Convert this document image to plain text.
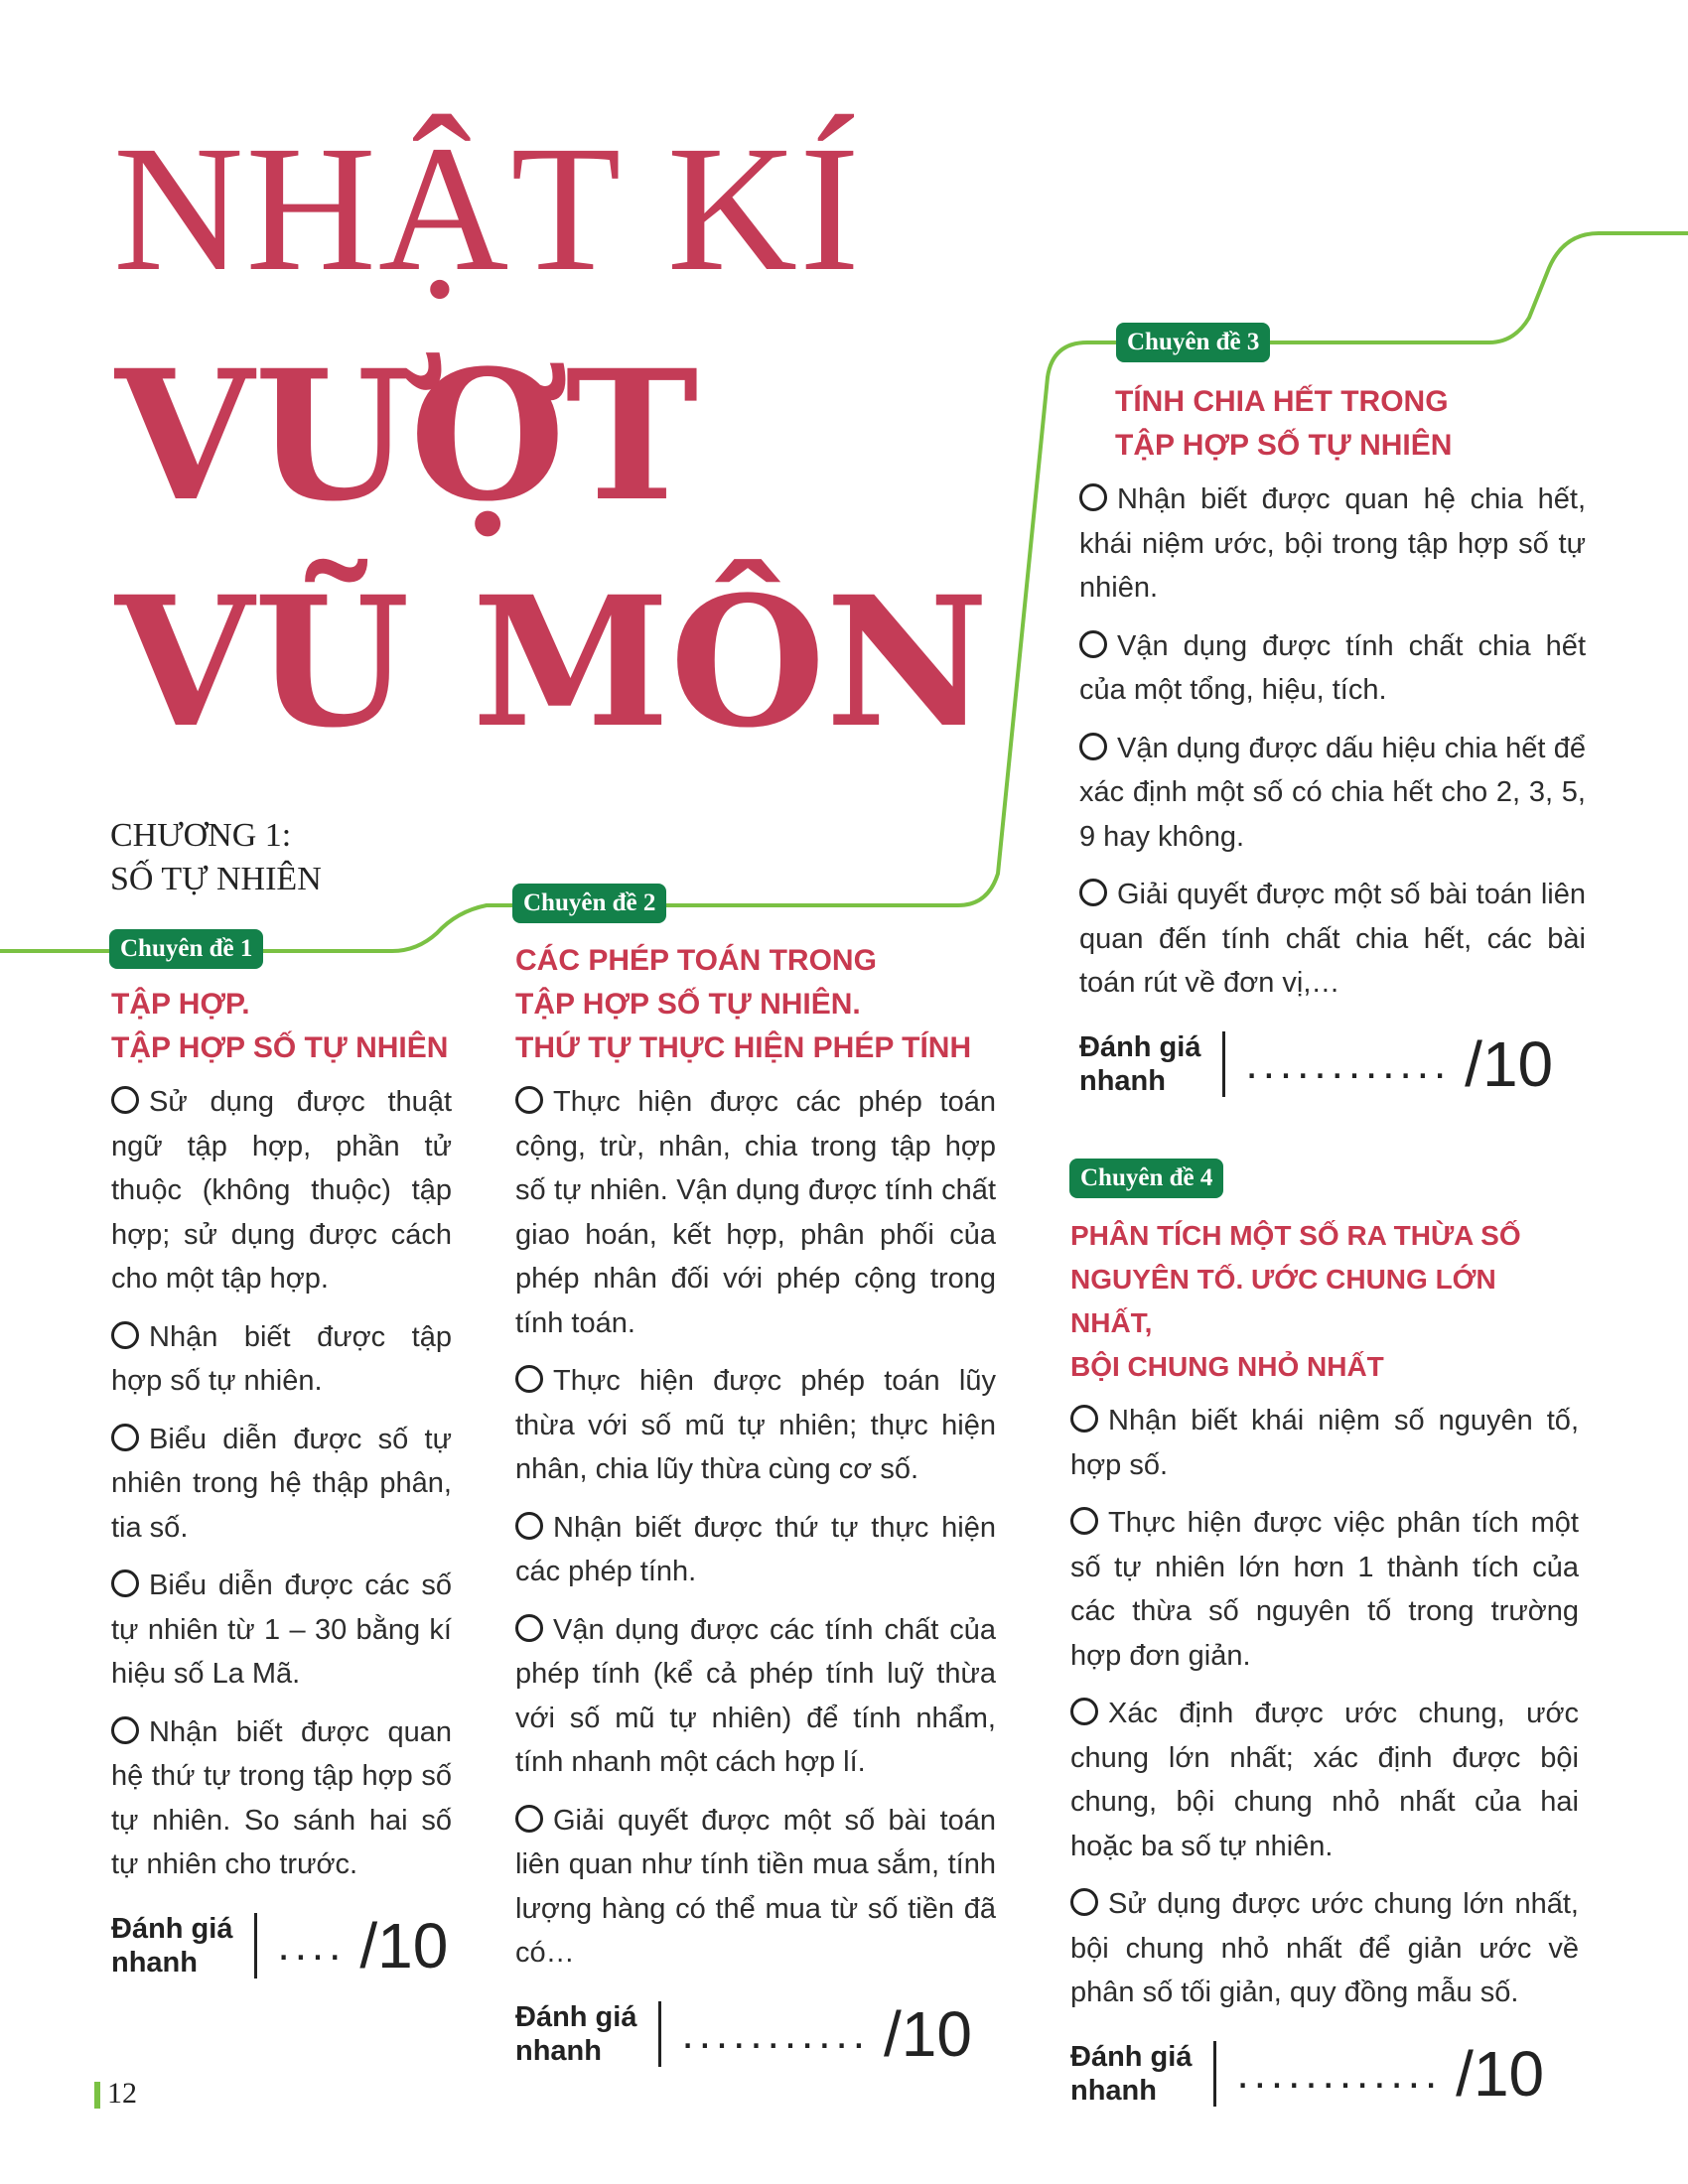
NHẬT KÍ
VƯỢT
VŨ MÔN
CHƯƠNG 1:
SỐ TỰ NHIÊN
Chuyên đề 1
TẬP HỢP.
TẬP HỢP SỐ TỰ NHIÊN
Sử dụng được thuật ngữ tập hợp, phần tử thuộc (không thuộc) tập hợp; sử dụng được cách cho một tập hợp.
Nhận biết được tập hợp số tự nhiên.
Biểu diễn được số tự nhiên trong hệ thập phân, tia số.
Biểu diễn được các số tự nhiên từ 1 – 30 bằng kí hiệu số La Mã.
Nhận biết được quan hệ thứ tự trong tập hợp số tự nhiên. So sánh hai số tự nhiên cho trước.
Đánh giá
nhanh	.... /10
Chuyên đề 2
CÁC PHÉP TOÁN TRONG
TẬP HỢP SỐ TỰ NHIÊN.
THỨ TỰ THỰC HIỆN PHÉP TÍNH
Thực hiện được các phép toán cộng, trừ, nhân, chia trong tập hợp số tự nhiên. Vận dụng được tính chất giao hoán, kết hợp, phân phối của phép nhân đối với phép cộng trong tính toán.
Thực hiện được phép toán lũy thừa với số mũ tự nhiên; thực hiện nhân, chia lũy thừa cùng cơ số.
Nhận biết được thứ tự thực hiện các phép tính.
Vận dụng được các tính chất của phép tính (kể cả phép tính luỹ thừa với số mũ tự nhiên) để tính nhẩm, tính nhanh một cách hợp lí.
Giải quyết được một số bài toán liên quan như tính tiền mua sắm, tính lượng hàng có thể mua từ số tiền đã có…
Đánh giá
nhanh	........... /10
Chuyên đề 3
TÍNH CHIA HẾT TRONG
TẬP HỢP SỐ TỰ NHIÊN
Nhận biết được quan hệ chia hết, khái niệm ước, bội trong tập hợp số tự nhiên.
Vận dụng được tính chất chia hết của một tổng, hiệu, tích.
Vận dụng được dấu hiệu chia hết để xác định một số có chia hết cho 2, 3, 5, 9 hay không.
Giải quyết được một số bài toán liên quan đến tính chất chia hết, các bài toán rút về đơn vị,…
Đánh giá
nhanh	............ /10
Chuyên đề 4
PHÂN TÍCH MỘT SỐ RA THỪA SỐ
NGUYÊN TỐ. ƯỚC CHUNG LỚN NHẤT,
BỘI CHUNG NHỎ NHẤT
Nhận biết khái niệm số nguyên tố, hợp số.
Thực hiện được việc phân tích một số tự nhiên lớn hơn 1 thành tích của các thừa số nguyên tố trong trường hợp đơn giản.
Xác định được ước chung, ước chung lớn nhất; xác định được bội chung, bội chung nhỏ nhất của hai hoặc ba số tự nhiên.
Sử dụng được ước chung lớn nhất, bội chung nhỏ nhất để giản ước về phân số tối giản, quy đồng mẫu số.
Đánh giá
nhanh	............ /10
12
